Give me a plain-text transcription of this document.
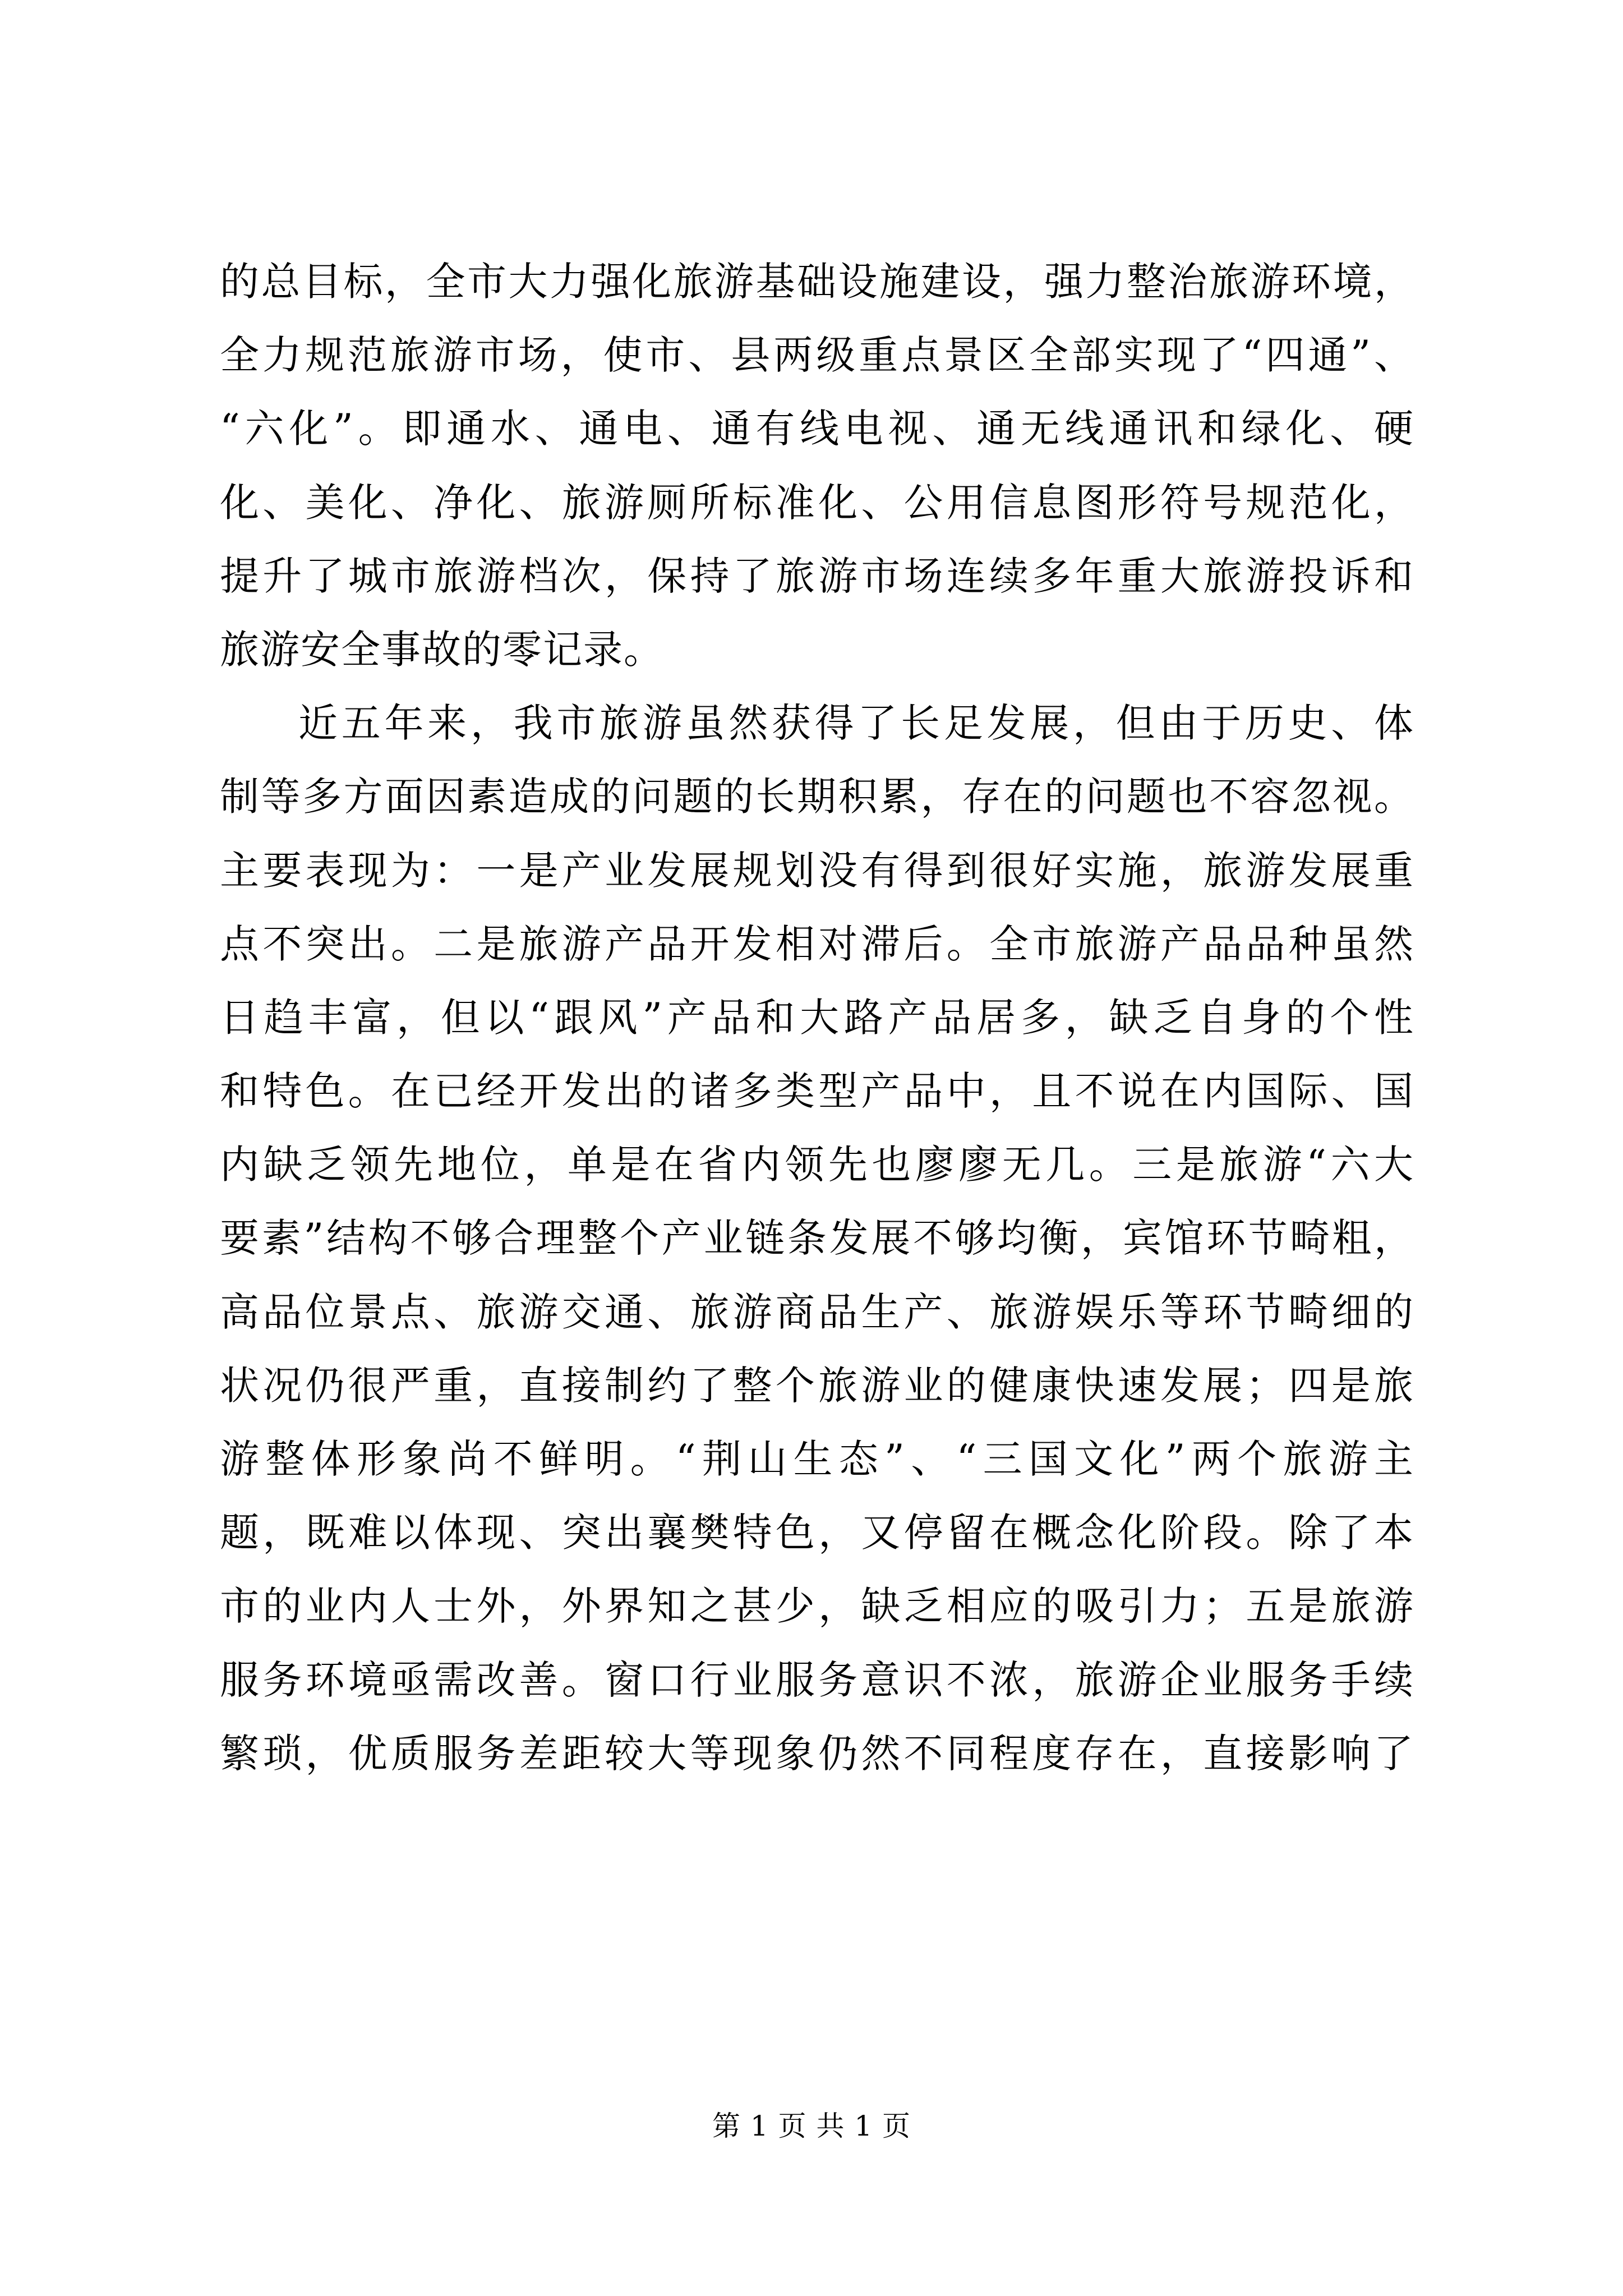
的总目标，全市大力强化旅游基础设施建设，强力整治旅游环境，
全力规范旅游市场，使市、县两级重点景区全部实现了“四通”、
“六化”。即通水、通电、通有线电视、通无线通讯和绿化、硬
化、美化、净化、旅游厕所标准化、公用信息图形符号规范化，
提升了城市旅游档次，保持了旅游市场连续多年重大旅游投诉和
旅游安全事故的零记录。
近五年来，我市旅游虽然获得了长足发展，但由于历史、体
制等多方面因素造成的问题的长期积累，存在的问题也不容忽视。
主要表现为：一是产业发展规划没有得到很好实施，旅游发展重
点不突出。二是旅游产品开发相对滞后。全市旅游产品品种虽然
日趋丰富，但以“跟风”产品和大路产品居多，缺乏自身的个性
和特色。在已经开发出的诸多类型产品中，且不说在内国际、国
内缺乏领先地位，单是在省内领先也廖廖无几。三是旅游“六大
要素”结构不够合理整个产业链条发展不够均衡，宾馆环节畸粗，
高品位景点、旅游交通、旅游商品生产、旅游娱乐等环节畸细的
状况仍很严重，直接制约了整个旅游业的健康快速发展；四是旅
游整体形象尚不鲜明。“荆山生态”、“三国文化”两个旅游主
题，既难以体现、突出襄樊特色，又停留在概念化阶段。除了本
市的业内人士外，外界知之甚少，缺乏相应的吸引力；五是旅游
服务环境亟需改善。窗口行业服务意识不浓，旅游企业服务手续
繁琐，优质服务差距较大等现象仍然不同程度存在，直接影响了
第 1 页 共 1 页
